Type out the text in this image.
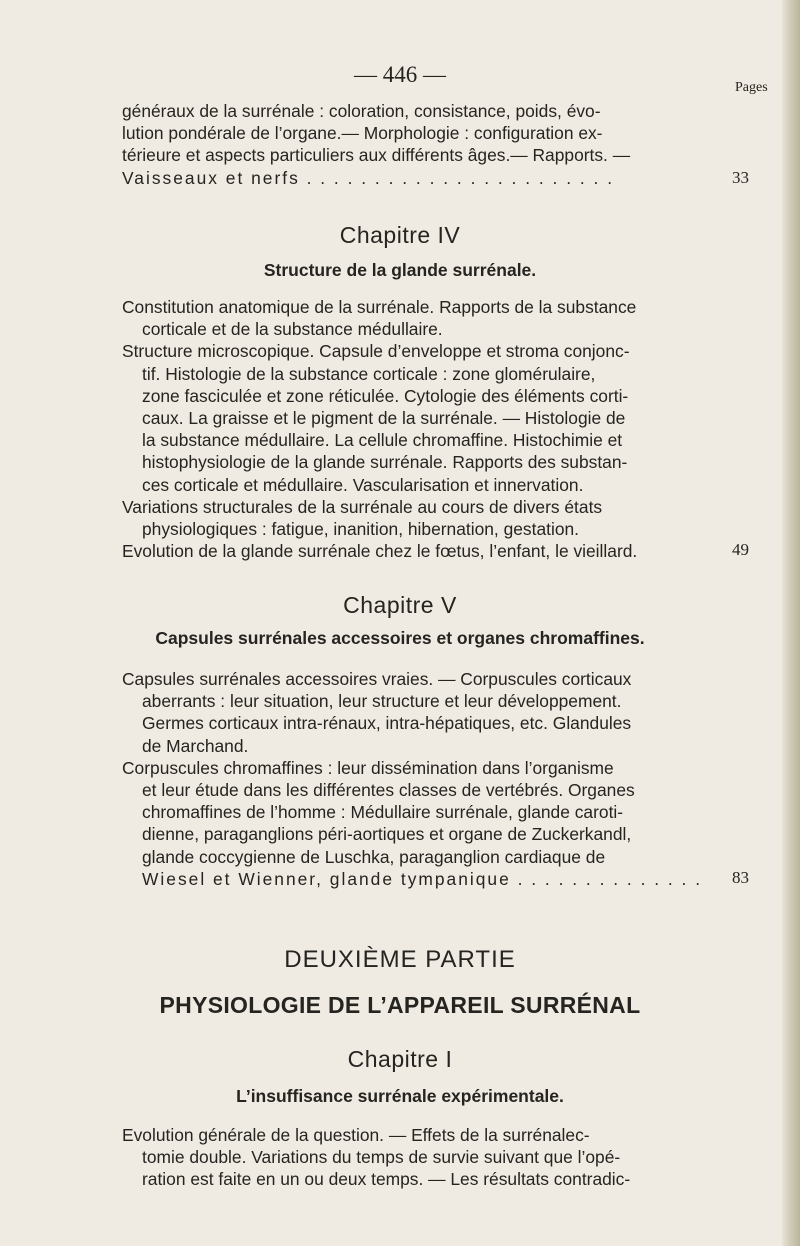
— 446 —
Pages
généraux de la surrénale : coloration, consistance, poids, évo-
lution pondérale de l’organe.— Morphologie : configuration ex-
térieure et aspects particuliers aux différents âges.— Rapports. —
Vaisseaux et nerfs . . . . . . . . . . . . . . . . . . . . . . .	33
Chapitre IV
Structure de la glande surrénale.
Constitution anatomique de la surrénale. Rapports de la substance
corticale et de la substance médullaire.
Structure microscopique. Capsule d’enveloppe et stroma conjonc-
tif. Histologie de la substance corticale : zone glomérulaire,
zone fasciculée et zone réticulée. Cytologie des éléments corti-
caux. La graisse et le pigment de la surrénale. — Histologie de
la substance médullaire. La cellule chromaffine. Histochimie et
histophysiologie de la glande surrénale. Rapports des substan-
ces corticale et médullaire. Vascularisation et innervation.
Variations structurales de la surrénale au cours de divers états
physiologiques : fatigue, inanition, hibernation, gestation.
Evolution de la glande surrénale chez le fœtus, l’enfant, le vieillard.	49
Chapitre V
Capsules surrénales accessoires et organes chromaffines.
Capsules surrénales accessoires vraies. — Corpuscules corticaux
aberrants : leur situation, leur structure et leur développement.
Germes corticaux intra-rénaux, intra-hépatiques, etc. Glandules
de Marchand.
Corpuscules chromaffines : leur dissémination dans l’organisme
et leur étude dans les différentes classes de vertébrés. Organes
chromaffines de l’homme : Médullaire surrénale, glande caroti-
dienne, paraganglions péri-aortiques et organe de Zuckerkandl,
glande coccygienne de Luschka, paraganglion cardiaque de
Wiesel et Wienner, glande tympanique . . . . . . . . . . . . . .	83
DEUXIÈME PARTIE
PHYSIOLOGIE DE L’APPAREIL SURRÉNAL
Chapitre I
L’insuffisance surrénale expérimentale.
Evolution générale de la question. — Effets de la surrénalec-
tomie double. Variations du temps de survie suivant que l’opé-
ration est faite en un ou deux temps. — Les résultats contradic-
